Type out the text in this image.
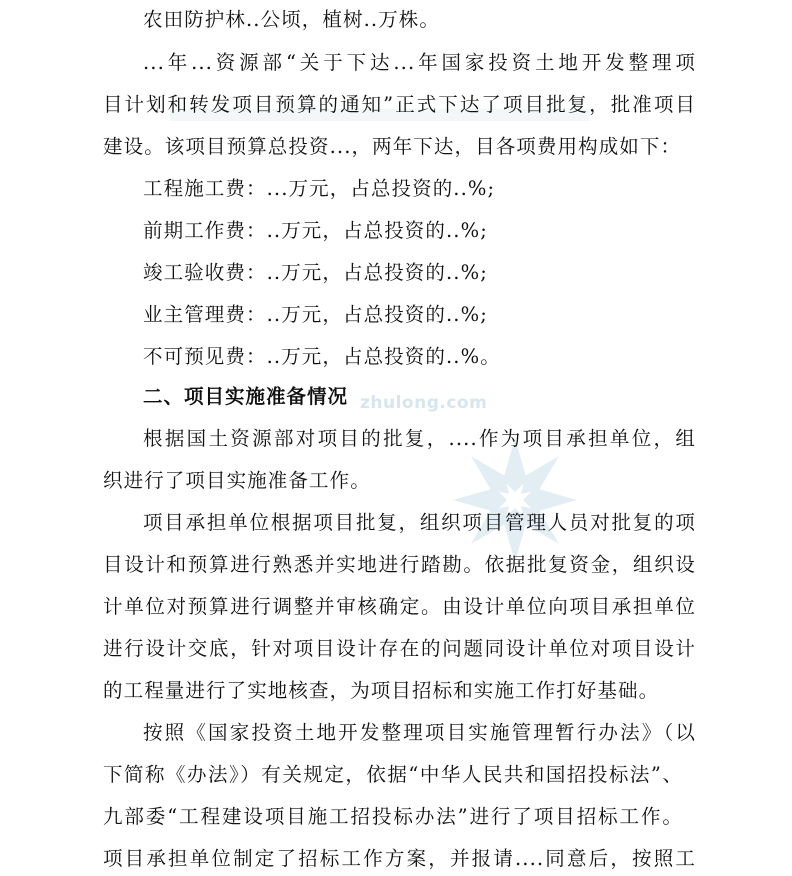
zhulong.com
农田防护林..公顷，植树..万株。
...年...资源部“关于下达...年国家投资土地开发整理项
目计划和转发项目预算的通知”正式下达了项目批复，批准项目
建设。该项目预算总投资...，两年下达，目各项费用构成如下：
工程施工费：...万元，占总投资的..%;
前期工作费：..万元，占总投资的..%;
竣工验收费：..万元，占总投资的..%;
业主管理费：..万元，占总投资的..%;
不可预见费：..万元，占总投资的..%。
二、项目实施准备情况
根据国土资源部对项目的批复，....作为项目承担单位，组
织进行了项目实施准备工作。
项目承担单位根据项目批复，组织项目管理人员对批复的项
目设计和预算进行熟悉并实地进行踏勘。依据批复资金，组织设
计单位对预算进行调整并审核确定。由设计单位向项目承担单位
进行设计交底，针对项目设计存在的问题同设计单位对项目设计
的工程量进行了实地核查，为项目招标和实施工作打好基础。
按照《国家投资土地开发整理项目实施管理暂行办法》（以
下简称《办法》）有关规定，依据“中华人民共和国招投标法”、
九部委“工程建设项目施工招投标办法”进行了项目招标工作。
项目承担单位制定了招标工作方案，并报请....同意后，按照工
